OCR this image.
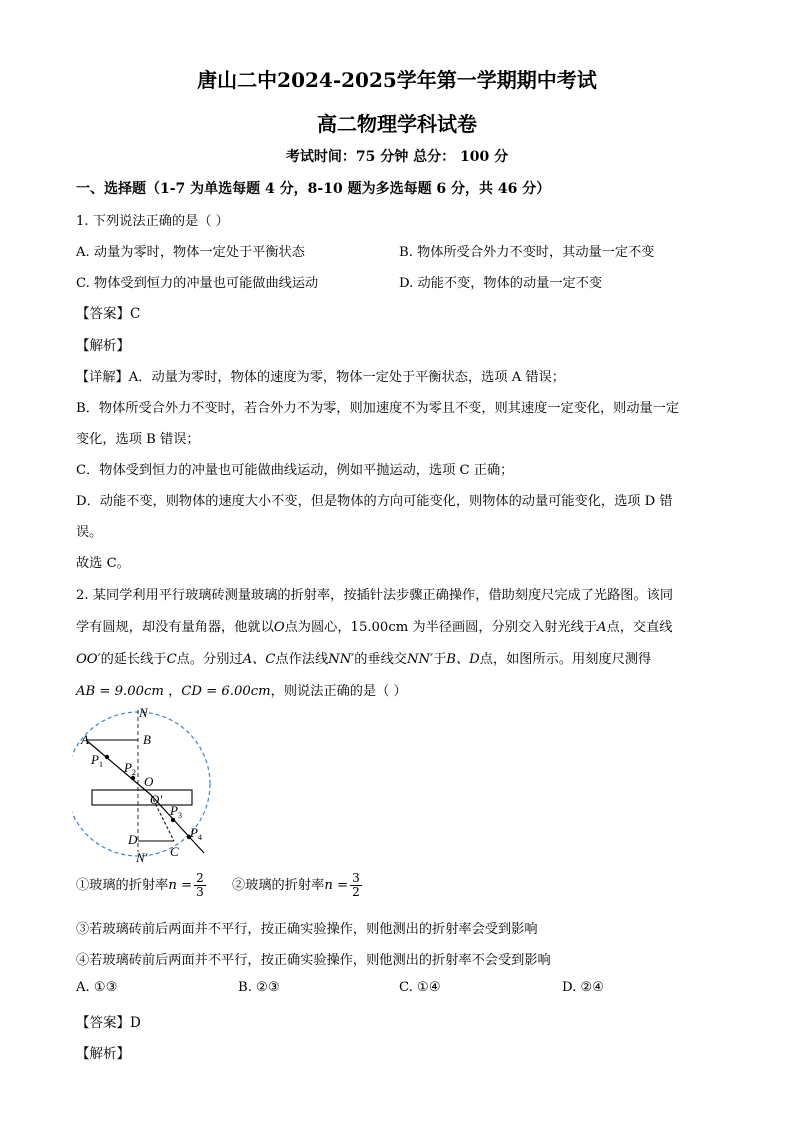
唐山二中2024-2025学年第一学期期中考试
高二物理学科试卷
考试时间：75 分钟 总分： 100 分
一、选择题（1-7 为单选每题 4 分，8-10 题为多选每题 6 分，共 46 分）
1. 下列说法正确的是（ ）
A. 动量为零时，物体一定处于平衡状态	B. 物体所受合外力不变时，其动量一定不变
C. 物体受到恒力的冲量也可能做曲线运动	D. 动能不变，物体的动量一定不变
【答案】C
【解析】
【详解】A．动量为零时，物体的速度为零，物体一定处于平衡状态，选项 A 错误；
B．物体所受合外力不变时，若合外力不为零，则加速度不为零且不变，则其速度一定变化，则动量一定
变化，选项 B 错误；
C．物体受到恒力的冲量也可能做曲线运动，例如平抛运动，选项 C 正确；
D．动能不变，则物体的速度大小不变，但是物体的方向可能变化，则物体的动量可能变化，选项 D 错
误。
故选 C。
2. 某同学利用平行玻璃砖测量玻璃的折射率，按插针法步骤正确操作，借助刻度尺完成了光路图。该同
学有圆规，却没有量角器，他就以O点为圆心，15.00cm 为半径画圆，分别交入射光线于A点，交直线
OO′的延长线于C点。分别过A、C点作法线NN′的垂线交NN′于B、D点，如图所示。用刻度尺测得
AB = 9.00cm ，CD = 6.00cm，则说法正确的是（ ）
N
A	B
$P_1$ $P_2$
O
O′
$P_3$
$P_4$
D
N′ C
①玻璃的折射率$n = \frac{2}{3}$ ②玻璃的折射率$n = \frac{3}{2}$
③若玻璃砖前后两面并不平行，按正确实验操作，则他测出的折射率会受到影响
④若玻璃砖前后两面并不平行，按正确实验操作，则他测出的折射率不会受到影响
A. ①③	B. ②③	C. ①④	D. ②④
【答案】D
【解析】
